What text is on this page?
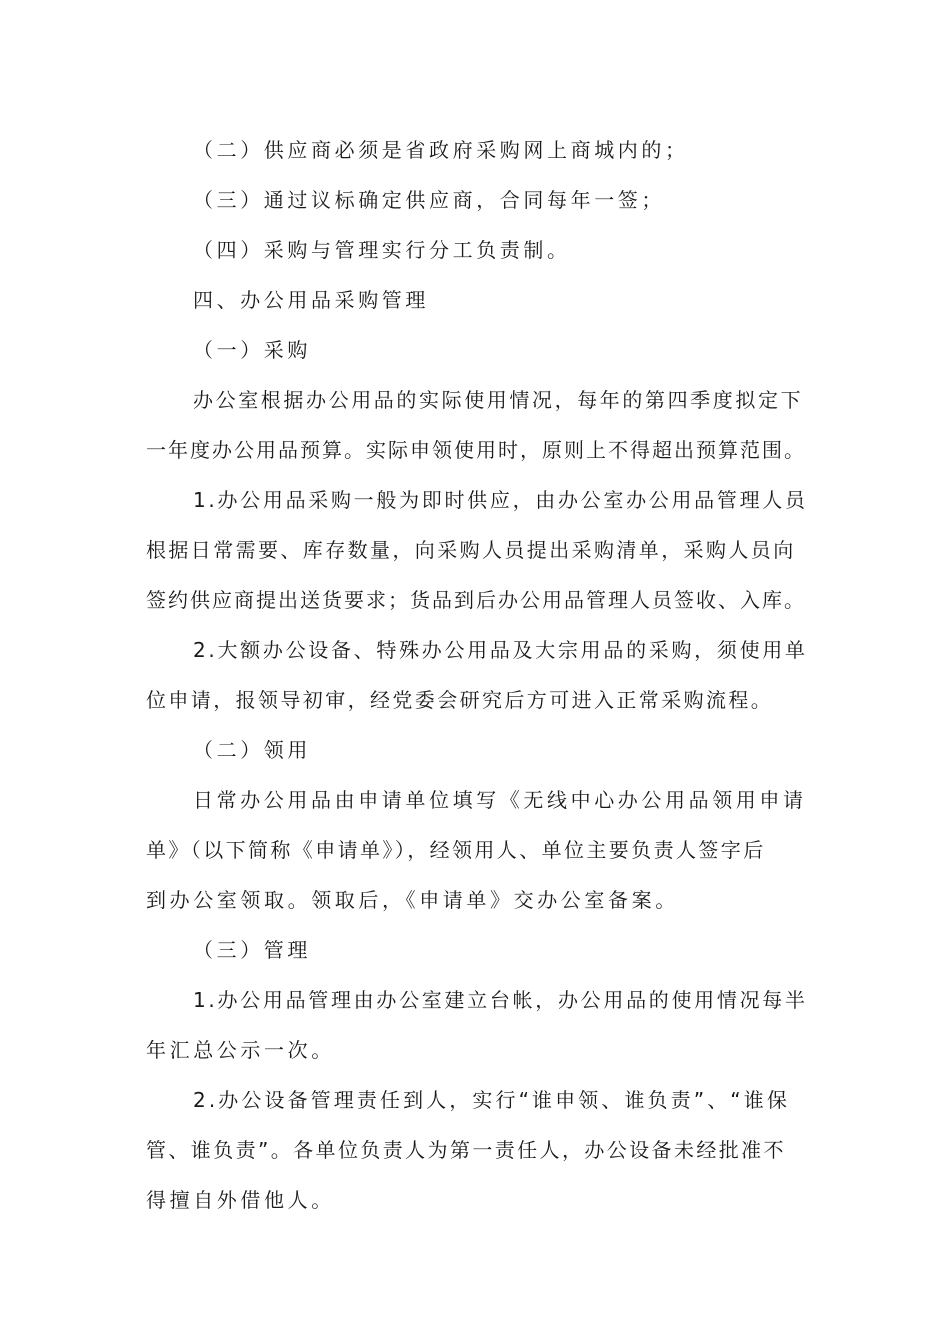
（二）供应商必须是省政府采购网上商城内的；
（三）通过议标确定供应商，合同每年一签；
（四）采购与管理实行分工负责制。
四、办公用品采购管理
（一）采购
办公室根据办公用品的实际使用情况，每年的第四季度拟定下
一年度办公用品预算。实际申领使用时，原则上不得超出预算范围。
1.办公用品采购一般为即时供应，由办公室办公用品管理人员
根据日常需要、库存数量，向采购人员提出采购清单，采购人员向
签约供应商提出送货要求；货品到后办公用品管理人员签收、入库。
2.大额办公设备、特殊办公用品及大宗用品的采购，须使用单
位申请，报领导初审，经党委会研究后方可进入正常采购流程。
（二）领用
日常办公用品由申请单位填写《无线中心办公用品领用申请
单》（以下简称《申请单》），经领用人、单位主要负责人签字后
到办公室领取。领取后，《申请单》交办公室备案。
（三）管理
1.办公用品管理由办公室建立台帐，办公用品的使用情况每半
年汇总公示一次。
2.办公设备管理责任到人，实行“谁申领、谁负责”、“谁保
管、谁负责”。各单位负责人为第一责任人，办公设备未经批准不
得擅自外借他人。
